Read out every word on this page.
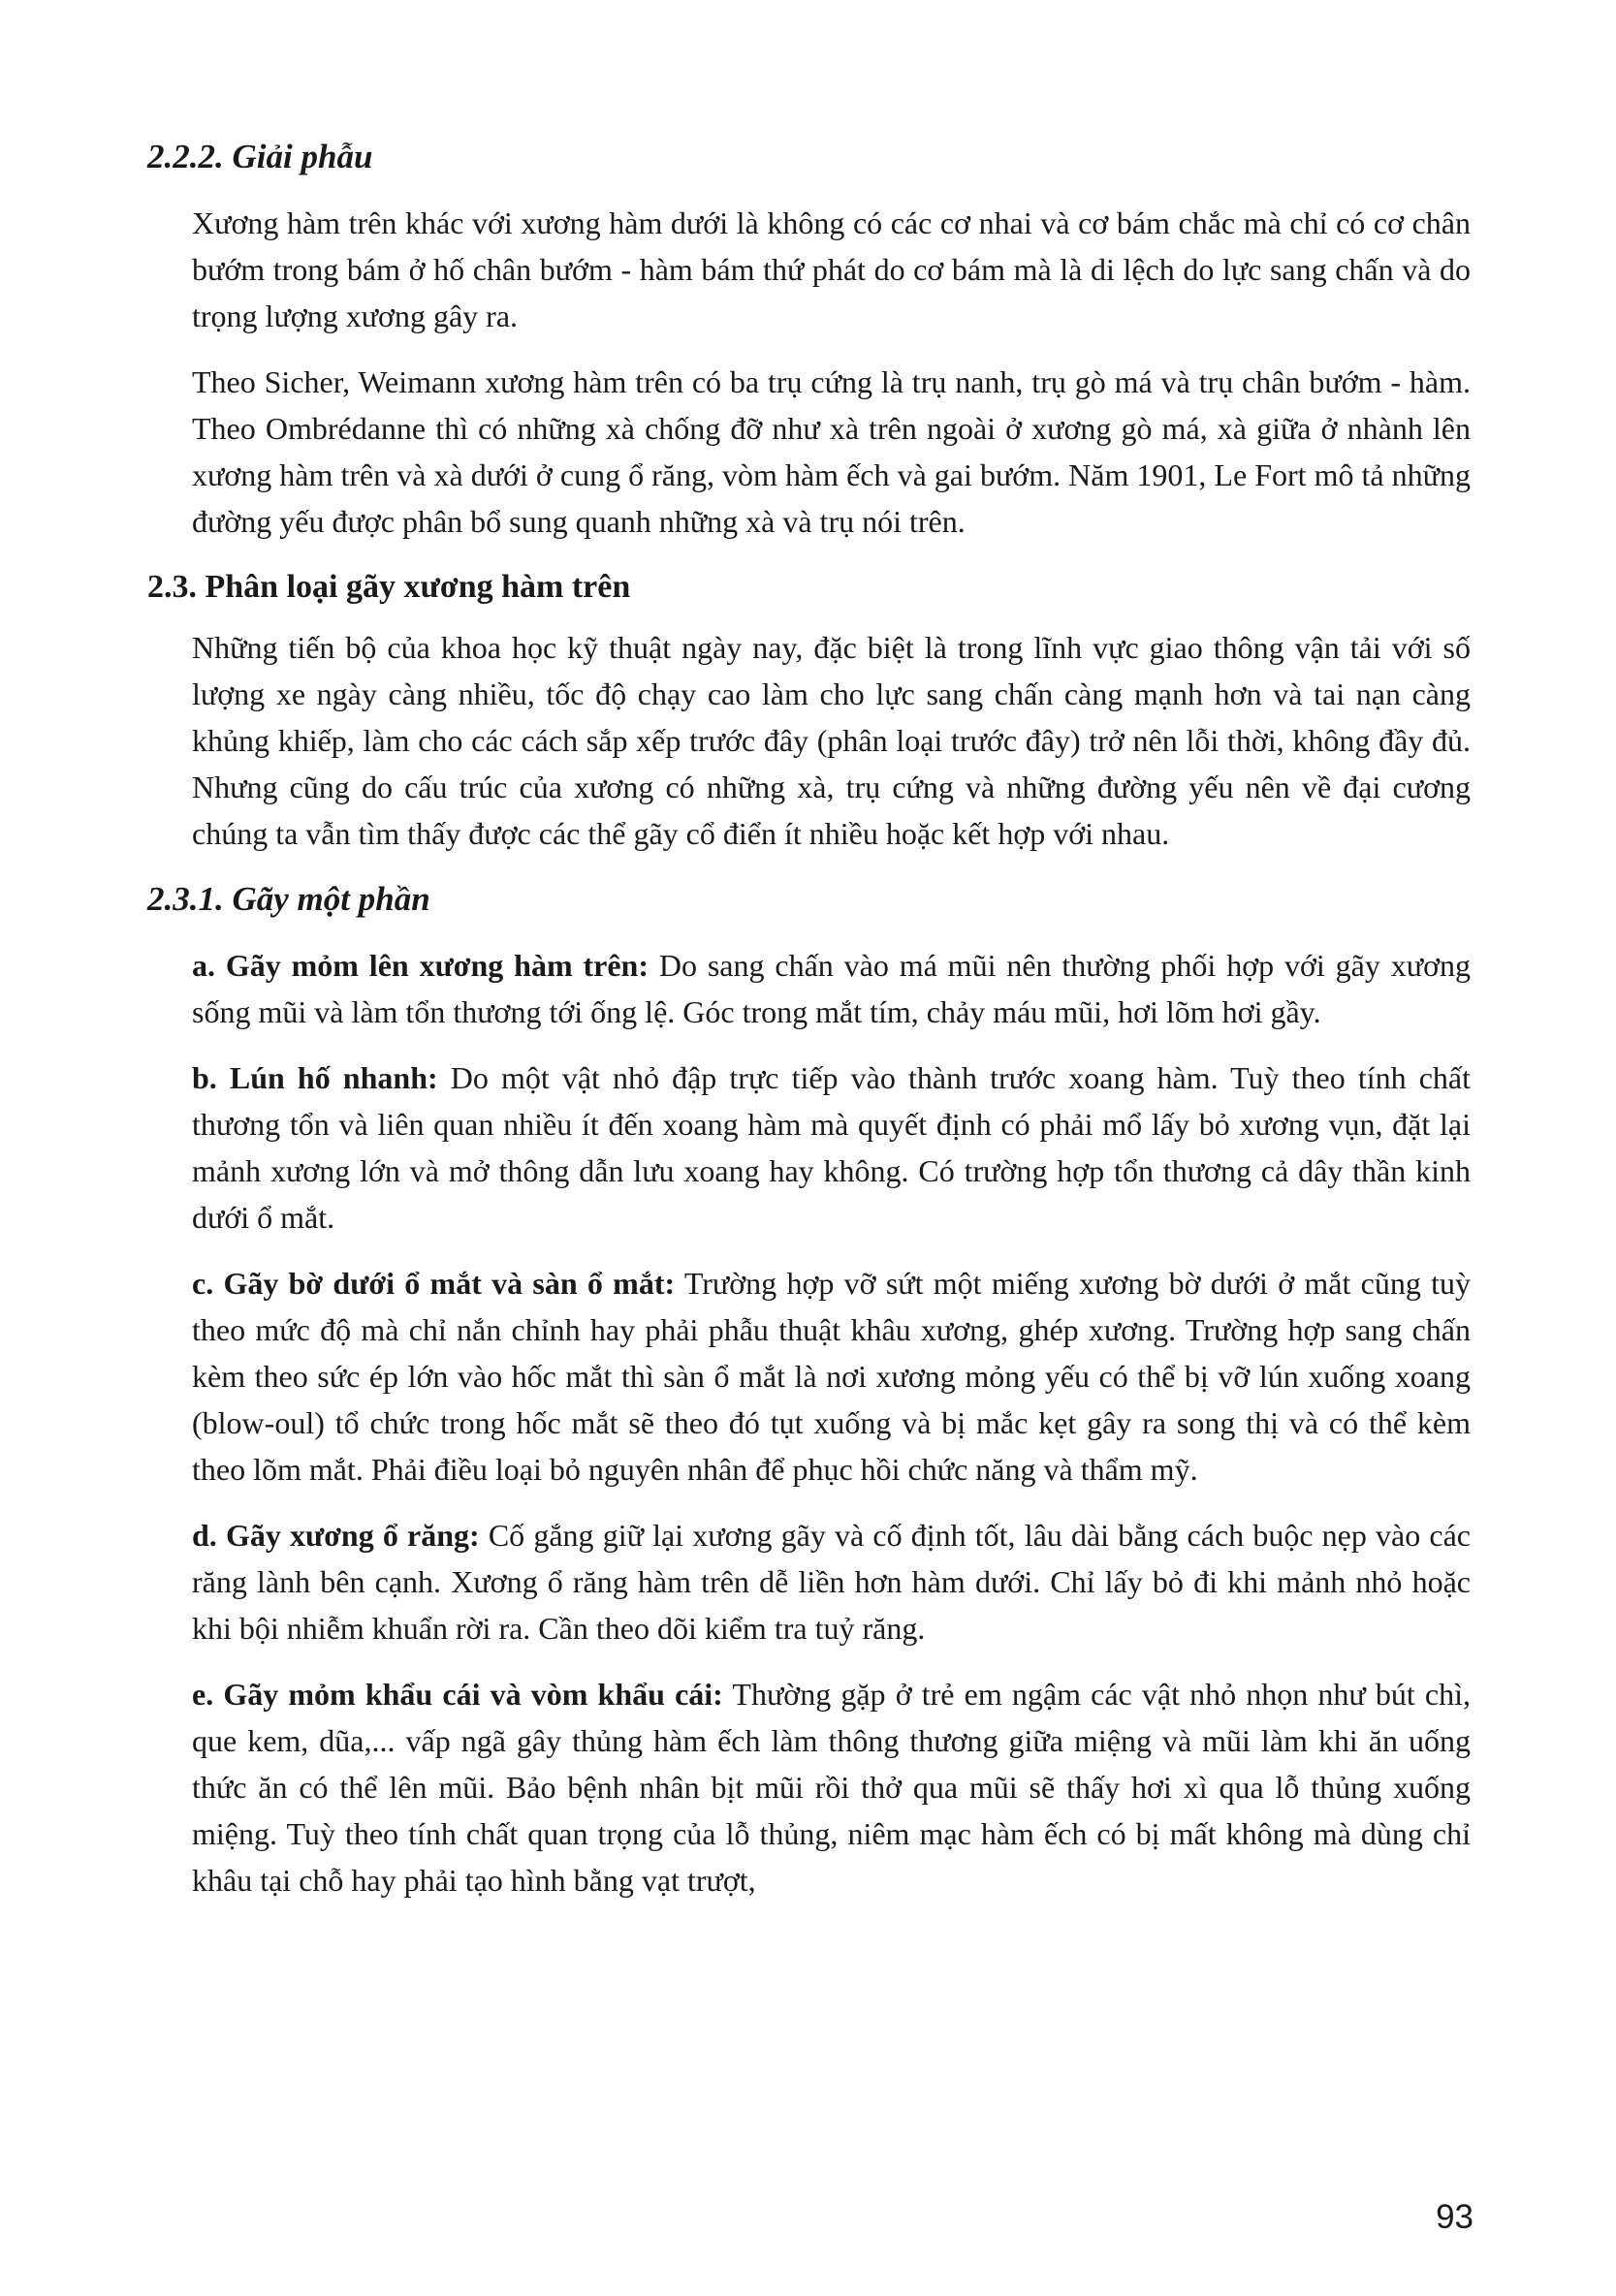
2.2.2. Giải phẫu

Xương hàm trên khác với xương hàm dưới là không có các cơ nhai và cơ bám chắc mà chỉ có cơ chân bướm trong bám ở hố chân bướm - hàm bám thứ phát do cơ bám mà là di lệch do lực sang chấn và do trọng lượng xương gây ra.

Theo Sicher, Weimann xương hàm trên có ba trụ cứng là trụ nanh, trụ gò má và trụ chân bướm - hàm. Theo Ombrédanne thì có những xà chống đỡ như xà trên ngoài ở xương gò má, xà giữa ở nhành lên xương hàm trên và xà dưới ở cung ổ răng, vòm hàm ếch và gai bướm. Năm 1901, Le Fort mô tả những đường yếu được phân bổ sung quanh những xà và trụ nói trên.

2.3. Phân loại gãy xương hàm trên

Những tiến bộ của khoa học kỹ thuật ngày nay, đặc biệt là trong lĩnh vực giao thông vận tải với số lượng xe ngày càng nhiều, tốc độ chạy cao làm cho lực sang chấn càng mạnh hơn và tai nạn càng khủng khiếp, làm cho các cách sắp xếp trước đây (phân loại trước đây) trở nên lỗi thời, không đầy đủ. Nhưng cũng do cấu trúc của xương có những xà, trụ cứng và những đường yếu nên về đại cương chúng ta vẫn tìm thấy được các thể gãy cổ điển ít nhiều hoặc kết hợp với nhau.

2.3.1. Gãy một phần

a. Gãy mỏm lên xương hàm trên: Do sang chấn vào má mũi nên thường phối hợp với gãy xương sống mũi và làm tổn thương tới ống lệ. Góc trong mắt tím, chảy máu mũi, hơi lõm hơi gầy.

b. Lún hố nhanh: Do một vật nhỏ đập trực tiếp vào thành trước xoang hàm. Tuỳ theo tính chất thương tổn và liên quan nhiều ít đến xoang hàm mà quyết định có phải mổ lấy bỏ xương vụn, đặt lại mảnh xương lớn và mở thông dẫn lưu xoang hay không. Có trường hợp tổn thương cả dây thần kinh dưới ổ mắt.

c. Gãy bờ dưới ổ mắt và sàn ổ mắt: Trường hợp vỡ sứt một miếng xương bờ dưới ở mắt cũng tuỳ theo mức độ mà chỉ nắn chỉnh hay phải phẫu thuật khâu xương, ghép xương. Trường hợp sang chấn kèm theo sức ép lớn vào hốc mắt thì sàn ổ mắt là nơi xương mỏng yếu có thể bị vỡ lún xuống xoang (blow-oul) tổ chức trong hốc mắt sẽ theo đó tụt xuống và bị mắc kẹt gây ra song thị và có thể kèm theo lõm mắt. Phải điều loại bỏ nguyên nhân để phục hồi chức năng và thẩm mỹ.

d. Gãy xương ổ răng: Cố gắng giữ lại xương gãy và cố định tốt, lâu dài bằng cách buộc nẹp vào các răng lành bên cạnh. Xương ổ răng hàm trên dễ liền hơn hàm dưới. Chỉ lấy bỏ đi khi mảnh nhỏ hoặc khi bội nhiễm khuẩn rời ra. Cần theo dõi kiểm tra tuỷ răng.

e. Gãy mỏm khẩu cái và vòm khẩu cái: Thường gặp ở trẻ em ngậm các vật nhỏ nhọn như bút chì, que kem, dũa,... vấp ngã gây thủng hàm ếch làm thông thương giữa miệng và mũi làm khi ăn uống thức ăn có thể lên mũi. Bảo bệnh nhân bịt mũi rồi thở qua mũi sẽ thấy hơi xì qua lỗ thủng xuống miệng. Tuỳ theo tính chất quan trọng của lỗ thủng, niêm mạc hàm ếch có bị mất không mà dùng chỉ khâu tại chỗ hay phải tạo hình bằng vạt trượt,

93
